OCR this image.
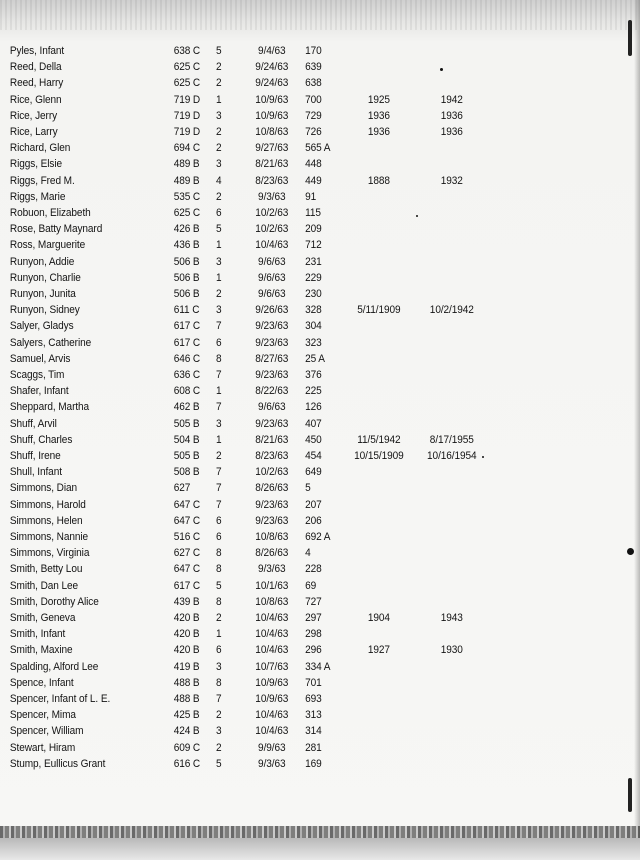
Pyles, Infant	638 C 5	9/4/63	170
Reed, Della	625 C 2	9/24/63	639
Reed, Harry	625 C 2	9/24/63	638
Rice, Glenn	719 D 1	10/9/63	700	1925	1942
Rice, Jerry	719 D 3	10/9/63	729	1936	1936
Rice, Larry	719 D 2	10/8/63	726	1936	1936
Richard, Glen	694 C 2	9/27/63	565 A
Riggs, Elsie	489 B 3	8/21/63	448
Riggs, Fred M.	489 B 4	8/23/63	449	1888	1932
Riggs, Marie	535 C 2	9/3/63	91
Robuon, Elizabeth	625 C 6	10/2/63	115
Rose, Batty Maynard	426 B 5	10/2/63	209
Ross, Marguerite	436 B 1	10/4/63	712
Runyon, Addie	506 B 3	9/6/63	231
Runyon, Charlie	506 B 1	9/6/63	229
Runyon, Junita	506 B 2	9/6/63	230
Runyon, Sidney	611 C 3	9/26/63	328	5/11/1909	10/2/1942
Salyer, Gladys	617 C 7	9/23/63	304
Salyers, Catherine	617 C 6	9/23/63	323
Samuel, Arvis	646 C 8	8/27/63	25 A
Scaggs, Tim	636 C 7	9/23/63	376
Shafer, Infant	608 C 1	8/22/63	225
Sheppard, Martha	462 B 7	9/6/63	126
Shuff, Arvil	505 B 3	9/23/63	407
Shuff, Charles	504 B 1	8/21/63	450	11/5/1942	8/17/1955
Shuff, Irene	505 B 2	8/23/63	454	10/15/1909	10/16/1954
Shull, Infant	508 B 7	10/2/63	649
Simmons, Dian	627 7	8/26/63	5
Simmons, Harold	647 C 7	9/23/63	207
Simmons, Helen	647 C 6	9/23/63	206
Simmons, Nannie	516 C 6	10/8/63	692 A
Simmons, Virginia	627 C 8	8/26/63	4
Smith, Betty Lou	647 C 8	9/3/63	228
Smith, Dan Lee	617 C 5	10/1/63	69
Smith, Dorothy Alice	439 B 8	10/8/63	727
Smith, Geneva	420 B 2	10/4/63	297	1904	1943
Smith, Infant	420 B 1	10/4/63	298
Smith, Maxine	420 B 6	10/4/63	296	1927	1930
Spalding, Alford Lee	419 B 3	10/7/63	334 A
Spence, Infant	488 B 8	10/9/63	701
Spencer, Infant of L. E.	488 B 7	10/9/63	693
Spencer, Mima	425 B 2	10/4/63	313
Spencer, William	424 B 3	10/4/63	314
Stewart, Hiram	609 C 2	9/9/63	281
Stump, Eullicus Grant	616 C 5	9/3/63	169
